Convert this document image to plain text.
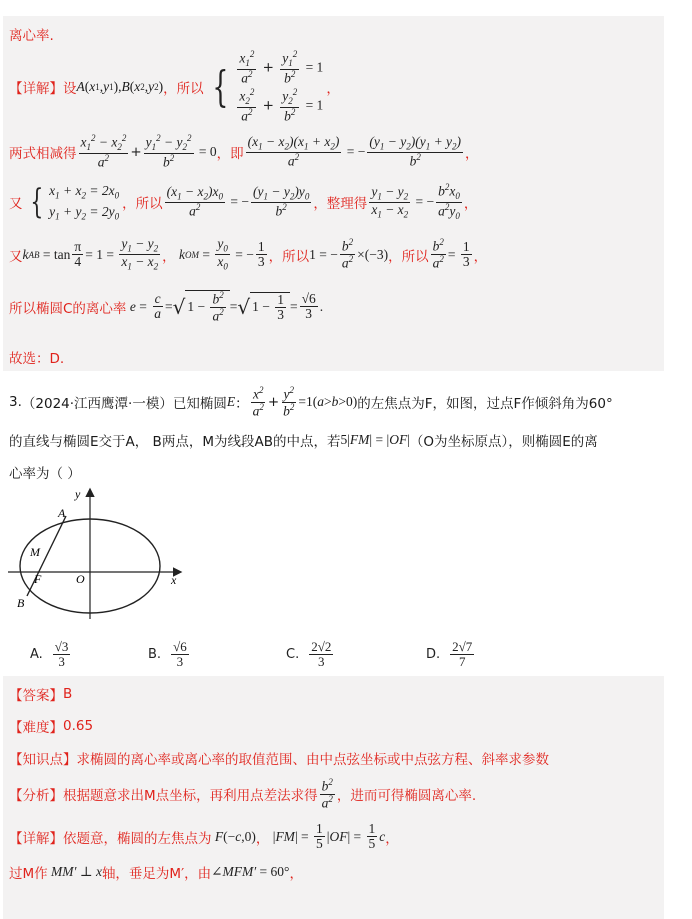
离心率.
【详解】 设 A ( x 1 , y 1 ), B ( x 2 , y 2 ) ，所以 { $\frac{x_1^2}{a^2} + \frac{y_1^2}{b^2} = 1$
$\frac{x_2^2}{a^2} + \frac{y_2^2}{b^2} = 1$
，
两式相减得 $\frac{x_1^2 - x_2^2}{a^2} + \frac{y_1^2 - y_2^2}{b^2} = 0$ ，即 $\frac{(x_1 - x_2)(x_1 + x_2)}{a^2}$ = − $\frac{(y_1 - y_2)(y_1 + y_2)}{b^2}$ ，
又 { $x_1 + x_2 = 2x_0$
$y_1 + y_2 = 2y_0$
，所以 $\frac{(x_1 - x_2)x_0}{a^2}$ = − $\frac{(y_1 - y_2)y_0}{b^2}$ ，整理得 $\frac{y_1 - y_2}{x_1 - x_2}$ = − $\frac{b^2x_0}{a^2y_0}$ ，
又 k AB = $\tan \frac{\pi}{4} = 1 = \frac{y_1 - y_2}{x_1 - x_2}$ ， k OM = $\frac{y_0}{x_0}$ = − $\frac{1}{3}$ ，所以 1 = − $\frac{b^2}{a^2} \times(-3)$ ，所以 $\frac{b^2}{a^2} = \frac{1}{3}$ ，
所以椭圆C的离心率 $e = \frac{c}{a}$ = √ $1 - \frac{b^2}{a^2}$ = √ $1 - \frac{1}{3} = \frac{√6}{3}$ .
故选：D.
3. （2024·江西鹰潭·一模）已知椭圆 E ： $\frac{x^2}{a^2} + \frac{y^2}{b^2} =1$( a > b >0) 的左焦点为F，如图，过点F作倾斜角为60°
的直线与椭圆E交于A， B两点，M为线段AB的中点，若 5| FM | = | OF | （O为坐标原点），则椭圆E的离
心率为（ ）
y
x
A
M
F	O
B
A. $\frac{√3}{3}$	B. $\frac{√6}{3}$	C. $\frac{2√2}{3}$	D. $\frac{2√7}{7}$
【答案】 B
【难度】 0.65
【知识点】 求椭圆的离心率或离心率的取值范围、由中点弦坐标或中点弦方程、斜率求参数
【分析】 根据题意求出M点坐标，再利用点差法求得 $\frac{b^2}{a^2}$ ，进而可得椭圆离心率.
【详解】 依题意，椭圆的左焦点为 F (− c ,0) ， | FM | = $\frac{1}{5}$ | OF | = $\frac{1}{5}$ c ，
过M作 MM′ ⊥ x 轴，垂足为M′，由 ∠ MFM′ = 60° ，
